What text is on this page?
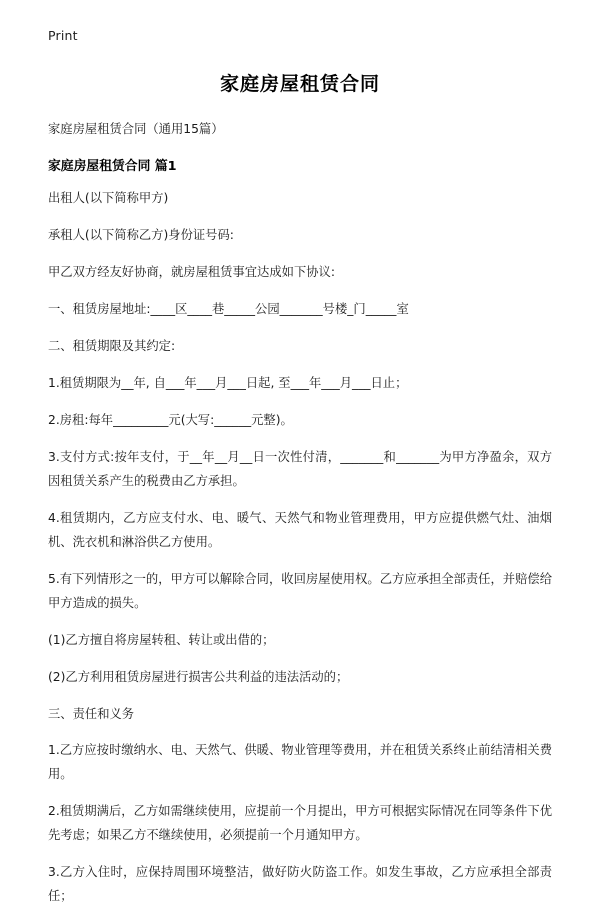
Print
家庭房屋租赁合同

家庭房屋租赁合同（通用15篇）

家庭房屋租赁合同 篇1

出租人(以下简称甲方)

承租人(以下简称乙方)身份证号码:

甲乙双方经友好协商，就房屋租赁事宜达成如下协议:

一、租赁房屋地址:____区____巷_____公园_______号楼_门_____室

二、租赁期限及其约定:

1.租赁期限为__年, 自___年___月___日起, 至___年___月___日止；

2.房租:每年_________元(大写:______元整)。

3.支付方式:按年支付，于__年__月__日一次性付清，_______和_______为甲方净盈余，双方因租赁关系产生的税费由乙方承担。

4.租赁期内，乙方应支付水、电、暖气、天然气和物业管理费用，甲方应提供燃气灶、油烟机、洗衣机和淋浴供乙方使用。

5.有下列情形之一的，甲方可以解除合同，收回房屋使用权。乙方应承担全部责任，并赔偿给甲方造成的损失。

(1)乙方擅自将房屋转租、转让或出借的；

(2)乙方利用租赁房屋进行损害公共利益的违法活动的；

三、责任和义务

1.乙方应按时缴纳水、电、天然气、供暖、物业管理等费用，并在租赁关系终止前结清相关费用。

2.租赁期满后，乙方如需继续使用，应提前一个月提出，甲方可根据实际情况在同等条件下优先考虑；如果乙方不继续使用，必须提前一个月通知甲方。

3.乙方入住时，应保持周围环境整洁，做好防火防盗工作。如发生事故，乙方应承担全部责任；
